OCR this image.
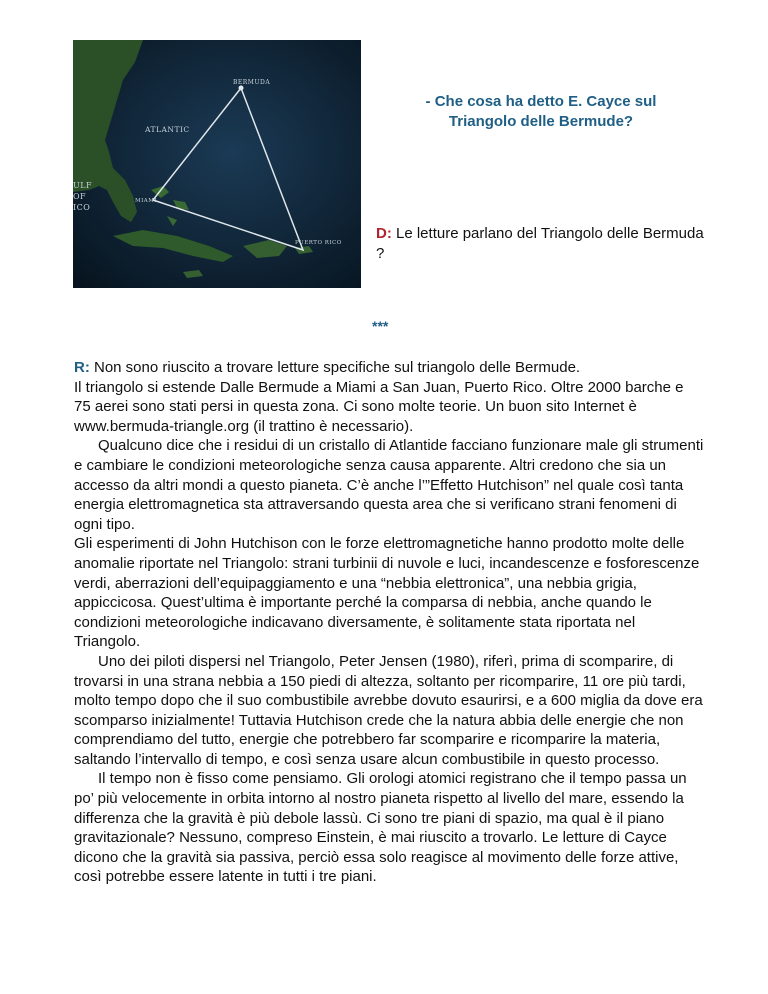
BERMUDA
ATLANTIC
ULF
OF
ICO
MIAMI
PUERTO RICO
- Che cosa ha detto E. Cayce sul
Triangolo delle Bermude?

D: Le letture parlano del Triangolo delle Bermuda ?

***

R: Non sono riuscito a trovare letture specifiche sul triangolo delle Bermude.

Il triangolo si estende Dalle Bermude a Miami a San Juan, Puerto Rico. Oltre 2000 barche e 75 aerei sono stati persi in questa zona. Ci sono molte teorie. Un buon sito Internet è www.bermuda-triangle.org (il trattino è necessario).

Qualcuno dice che i residui di un cristallo di Atlantide facciano funzionare male gli strumenti e cambiare le condizioni meteorologiche senza causa apparente. Altri credono che sia un accesso da altri mondi a questo pianeta. C’è anche l’”Effetto Hutchison” nel quale così tanta energia elettromagnetica sta attraversando questa area che si verificano strani fenomeni di ogni tipo.

Gli esperimenti di John Hutchison con le forze elettromagnetiche hanno prodotto molte delle anomalie riportate nel Triangolo: strani turbinii di nuvole e luci, incandescenze e fosforescenze verdi, aberrazioni dell’equipaggiamento e una “nebbia elettronica”, una nebbia grigia, appiccicosa. Quest’ultima è importante perché la comparsa di nebbia, anche quando le condizioni meteorologiche indicavano diversamente, è solitamente stata riportata nel Triangolo.

Uno dei piloti dispersi nel Triangolo, Peter Jensen (1980), riferì, prima di scomparire, di trovarsi in una strana nebbia a 150 piedi di altezza, soltanto per ricomparire, 11 ore più tardi, molto tempo dopo che il suo combustibile avrebbe dovuto esaurirsi, e a 600 miglia da dove era scomparso inizialmente! Tuttavia Hutchison crede che la natura abbia delle energie che non comprendiamo del tutto, energie che potrebbero far scomparire e ricomparire la materia, saltando l’intervallo di tempo, e così senza usare alcun combustibile in questo processo.

Il tempo non è fisso come pensiamo. Gli orologi atomici registrano che il tempo passa un po’ più velocemente in orbita intorno al nostro pianeta rispetto al livello del mare, essendo la differenza che la gravità è più debole lassù. Ci sono tre piani di spazio, ma qual è il piano gravitazionale? Nessuno, compreso Einstein, è mai riuscito a trovarlo. Le letture di Cayce dicono che la gravità sia passiva, perciò essa solo reagisce al movimento delle forze attive, così potrebbe essere latente in tutti i tre piani.
